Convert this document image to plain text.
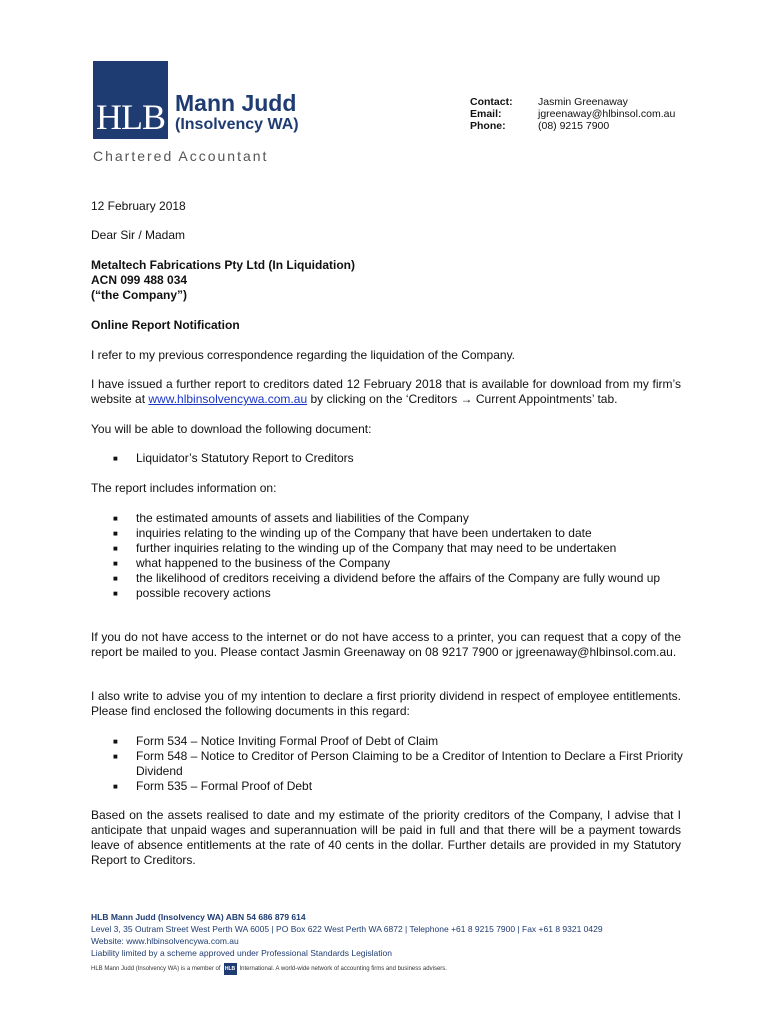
HLB Mann Judd
(Insolvency WA)
Chartered Accountant
Contact:	Jasmin Greenaway
Email:	jgreenaway@hlbinsol.com.au
Phone:	(08) 9215 7900
12 February 2018
Dear Sir / Madam
Metaltech Fabrications Pty Ltd (In Liquidation)
ACN 099 488 034
(“the Company”)
Online Report Notification
I refer to my previous correspondence regarding the liquidation of the Company.
I have issued a further report to creditors dated 12 February 2018 that is available for download from my firm’s website at www.hlbinsolvencywa.com.au by clicking on the ‘Creditors → Current Appointments’ tab.
You will be able to download the following document:
■	Liquidator’s Statutory Report to Creditors
The report includes information on:
■	the estimated amounts of assets and liabilities of the Company
■	inquiries relating to the winding up of the Company that have been undertaken to date
■	further inquiries relating to the winding up of the Company that may need to be undertaken
■	what happened to the business of the Company
■	the likelihood of creditors receiving a dividend before the affairs of the Company are fully wound up
■	possible recovery actions
If you do not have access to the internet or do not have access to a printer, you can request that a copy of the report be mailed to you. Please contact Jasmin Greenaway on 08 9217 7900 or jgreenaway@hlbinsol.com.au.
I also write to advise you of my intention to declare a first priority dividend in respect of employee entitlements. Please find enclosed the following documents in this regard:
■	Form 534 – Notice Inviting Formal Proof of Debt of Claim
■	Form 548 – Notice to Creditor of Person Claiming to be a Creditor of Intention to Declare a First Priority Dividend
■	Form 535 – Formal Proof of Debt
Based on the assets realised to date and my estimate of the priority creditors of the Company, I advise that I anticipate that unpaid wages and superannuation will be paid in full and that there will be a payment towards leave of absence entitlements at the rate of 40 cents in the dollar. Further details are provided in my Statutory Report to Creditors.
HLB Mann Judd (Insolvency WA) ABN 54 686 879 614
Level 3, 35 Outram Street West Perth WA 6005 | PO Box 622 West Perth WA 6872 | Telephone +61 8 9215 7900 | Fax +61 8 9321 0429
Website: www.hlbinsolvencywa.com.au
Liability limited by a scheme approved under Professional Standards Legislation
HLB Mann Judd (Insolvency WA) is a member of HLB International. A world-wide network of accounting firms and business advisers.
